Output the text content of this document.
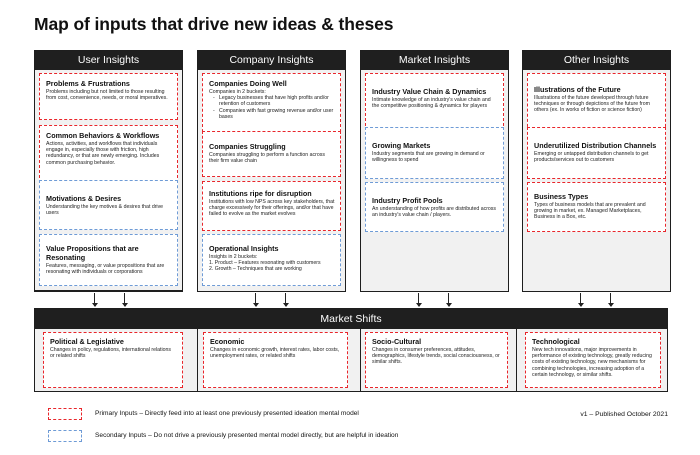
Map of inputs that drive new ideas & theses
User Insights
Problems & Frustrations
Problems including but not limited to those resulting from cost, convenience, needs, or moral imperatives.
Common Behaviors & Workflows
Actions, activities, and workflows that individuals engage in, especially those with friction, high redundancy, or that are newly emerging. Includes common purchasing behavior.
Motivations & Desires
Understanding the key motives & desires that drive users
Value Propositions that are Resonating
Features, messaging, or value propositions that are resonating with individuals or corporations
Company Insights
Companies Doing Well
Companies in 2 buckets:
- Legacy businesses that have high profits and/or retention of customers
- Companies with fast growing revenue and/or user bases
Companies Struggling
Companies struggling to perform a function across their firm value chain
Institutions ripe for disruption
Institutions with low NPS across key stakeholders, that charge excessively for their offerings, and/or that have failed to evolve as the market evolves
Operational Insights
Insights in 2 buckets:
1. Product – Features resonating with customers
2. Growth – Techniques that are working
Market Insights
Industry Value Chain & Dynamics
Intimate knowledge of an industry's value chain and the competitive positioning & dynamics for players
Growing Markets
Industry segments that are growing in demand or willingness to spend
Industry Profit Pools
An understanding of how profits are distributed across an industry's value chain / players.
Other Insights
Illustrations of the Future
Illustrations of the future developed through future techniques or through depictions of the future from others (ex. In works of fiction or science fiction)
Underutilized Distribution Channels
Emerging or untapped distribution channels to get products/services out to customers
Business Types
Types of business models that are prevalent and growing in market, ex. Managed Marketplaces, Business in a Box, etc.
Market Shifts
Political & Legislative
Changes in policy, regulations, international relations or related shifts
Economic
Changes in economic growth, interest rates, labor costs, unemployment rates, or related shifts
Socio-Cultural
Changes in consumer preferences, attitudes, demographics, lifestyle trends, social consciousness, or similar shifts.
Technological
New tech innovations, major improvements in performance of existing technology, greatly reducing costs of existing technology, new mechanisms for combining technologies, increasing adoption of a certain technology, or similar shifts.
Primary Inputs – Directly feed into at least one previously presented ideation mental model
Secondary Inputs – Do not drive a previously presented mental model directly, but are helpful in ideation
v1 – Published October 2021
